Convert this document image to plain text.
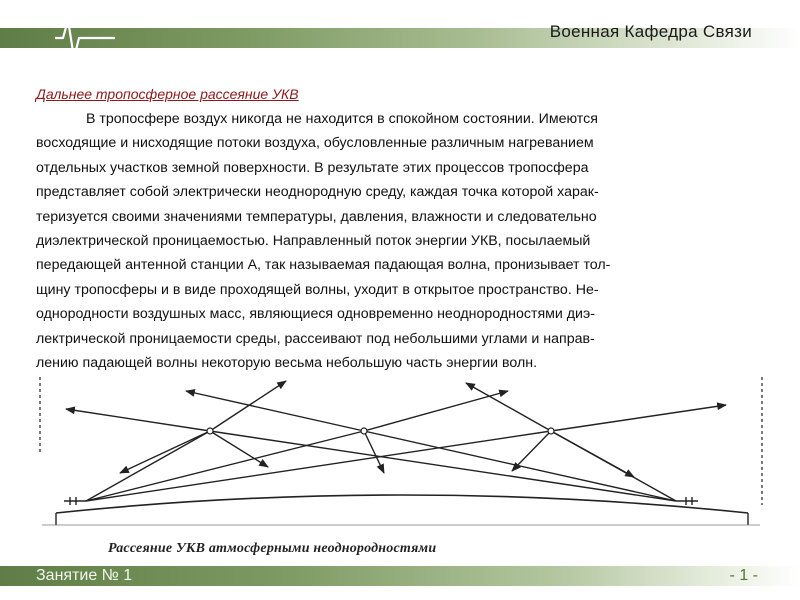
Военная Кафедра Связи
Дальнее тропосферное рассеяние УКВ
В тропосфере воздух никогда не находится в спокойном состоянии. Имеются
восходящие и нисходящие потоки воздуха, обусловленные различным нагреванием
отдельных участков земной поверхности. В результате этих процессов тропосфера
представляет собой электрически неоднородную среду, каждая точка которой харак-
теризуется своими значениями температуры, давления, влажности и следовательно
диэлектрической проницаемостью. Направленный поток энергии УКВ, посылаемый
передающей антенной станции А, так называемая падающая волна, пронизывает тол-
щину тропосферы и в виде проходящей волны, уходит в открытое пространство. Не-
однородности воздушных масс, являющиеся одновременно неоднородностями диэ-
лектрической проницаемости среды, рассеивают под небольшими углами и направ-
лению падающей волны некоторую весьма небольшую часть энергии волн.
Рассеяние УКВ атмосферными неоднородностями
Занятие № 1	- 1 -
